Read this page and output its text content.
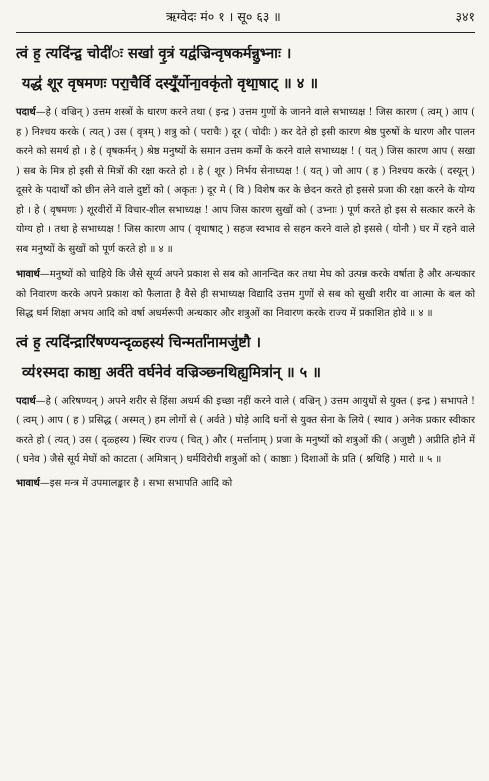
ऋग्वेदः मं० १ । सू० ६३ ॥	३४१
त्वं ह॒ त्यदि॑न्द्र॒ चोदी॑ः सखा॑ वृ॒त्रं यद्व॑ज्रिन्वृषकर्मन्नु॒भ्नाः ।
यद्ध॑ शूर वृषमणः परा॒चैर्वि दस्यूँ॒र्योना॒वकृ॑तो वृथा॒षाट् ॥ ४ ॥
पदार्थ—हे ( वज्रिन् ) उत्तम शस्त्रों के धारण करने तथा ( इन्द्र ) उत्तम गुणों के जानने वाले सभाध्यक्ष ! जिस कारण ( त्वम् ) आप ( ह ) निश्चय करके ( त्यत् ) उस ( वृत्रम् ) शत्रु को ( पराचैः ) दूर ( चोदीः ) कर देते हो इसी कारण श्रेष्ठ पुरुषों के धारण और पालन करने को समर्थ हो । हे ( वृषकर्मन् ) श्रेष्ठ मनुष्यों के समान उत्तम कर्मों के करने वाले सभाध्यक्ष ! ( यत् ) जिस कारण आप ( सखा ) सब के मित्र हो इसी से मित्रों की रक्षा करते हो । हे ( शूर ) निर्भय सेनाध्यक्ष ! ( यत् ) जो आप ( ह ) निश्चय करके ( दस्यून् ) दूसरे के पदार्थों को छीन लेने वाले दुष्टों को ( अकृतः ) दूर मे ( वि ) विशेष कर के छेदन करते हो इससे प्रजा की रक्षा करने के योग्य हो । हे ( वृषमणः ) शूरवीरों में विचार-शील सभाध्यक्ष ! आप जिस कारण सुखों को ( उभ्नाः ) पूर्ण करते हो इस से सत्कार करने के योग्य हो । तथा हे सभाध्यक्ष ! जिस कारण आप ( वृथाषाट् ) सहज स्वभाव से सहन करने वाले हो इससे ( योनौ ) घर में रहने वाले सब मनुष्यों के सुखों को पूर्ण करते हो ॥ ४ ॥
भावार्थ—मनुष्यों को चाहिये कि जैसे सूर्य्य अपने प्रकाश से सब को आनन्दित कर तथा मेघ को उत्पन्न करके वर्षाता है और अन्धकार को निवारण करके अपने प्रकाश को फैलाता है वैसे ही सभाध्यक्ष विद्यादि उत्तम गुणों से सब को सुखी शरीर वा आत्मा के बल को सिद्ध धर्म शिक्षा अभय आदि को वर्षा अधर्मरूपी अन्धकार और शत्रुओं का निवारण करके राज्य में प्रकाशित होवे ॥ ४ ॥
त्वं ह॒ त्यदि॑न्द्रारि॑षण्यन्दृळ्हस्य॑ चिन्मर्ता॑नामजु॑ष्टौ ।
व्य॑१स्मदा काष्ठा॒ अर्व॑ते वर्घनेव॑ वज्रिञ्छ्नथिह्य॒मित्रा॑न् ॥ ५ ॥
पदार्थ—हे ( अरिषण्यन् ) अपने शरीर से हिंसा अधर्म की इच्छा नहीं करने वाले ( वज्रिन् ) उत्तम आयुधों से युक्त ( इन्द्र ) सभापते ! ( त्वम् ) आप ( ह ) प्रसिद्ध ( अस्मत् ) हम लोगों से ( अर्वते ) घोड़े आदि धनों से युक्त सेना के लिये ( स्थाव ) अनेक प्रकार स्वीकार करते हो ( त्यत् ) उस ( दृळ्हस्य ) स्थिर राज्य ( चित् ) और ( मर्त्तानाम् ) प्रजा के मनुष्यों को शत्रुओं की ( अजुष्टौ ) अप्रीति होने में ( घनेव ) जैसे सूर्य मेघों को काटता ( अमित्रान् ) धर्मविरोधी शत्रुओं को ( काष्ठाः ) दिशाओं के प्रति ( श्नथिहि ) मारो ॥ ५ ॥
भावार्थ—इस मन्त्र में उपमालङ्कार है । सभा सभापति आदि को
